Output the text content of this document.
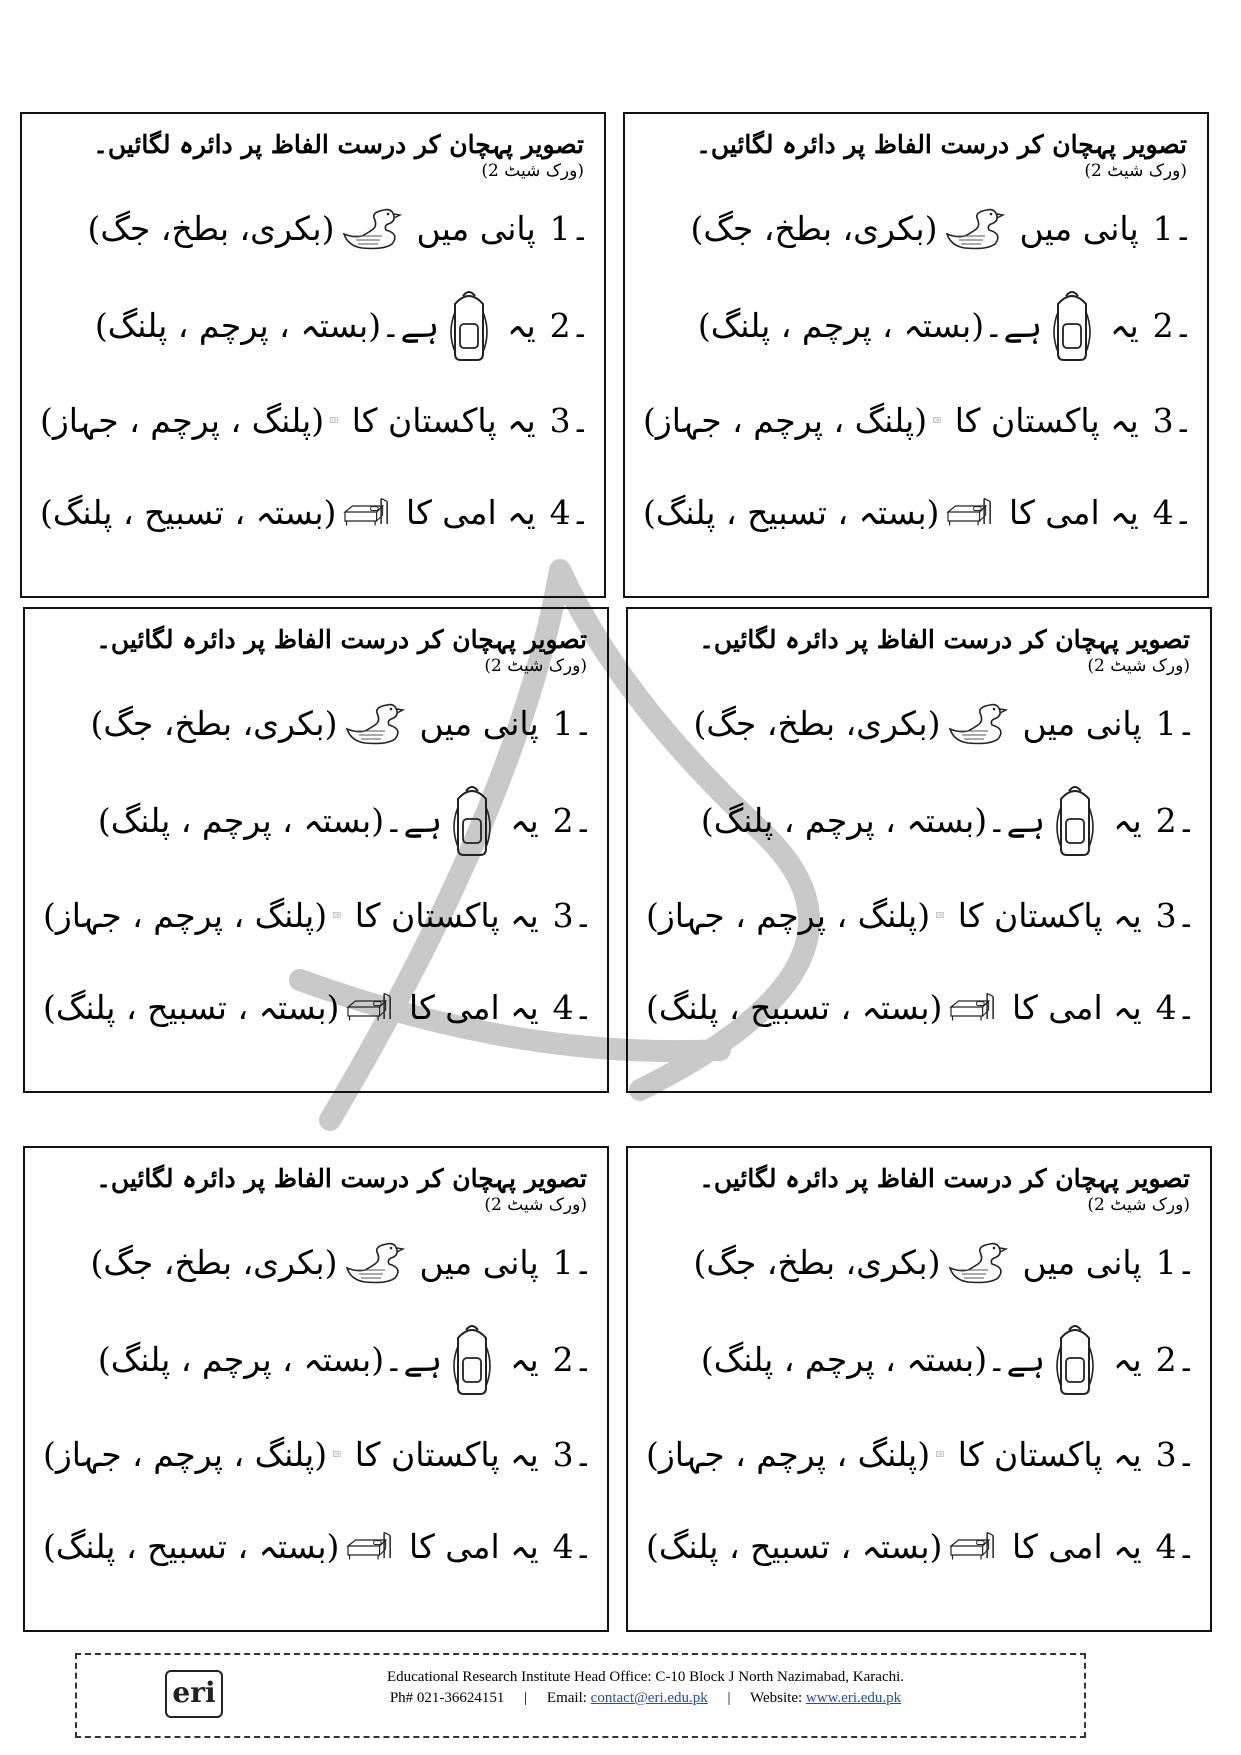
تصویر پہچان کر درست الفاظ پر دائرہ لگائیں۔
(ورک شیٹ 2)
1۔
پانی میں
(بکری، بطخ، جگ)
2۔
یہ
ہے۔(بستہ ، پرچم ، پلنگ)
3۔
یہ پاکستان کا
(پلنگ ، پرچم ، جہاز)
4۔
یہ امی کا
(بستہ ، تسبیح ، پلنگ)
تصویر پہچان کر درست الفاظ پر دائرہ لگائیں۔
(ورک شیٹ 2)
1۔
پانی میں
(بکری، بطخ، جگ)
2۔
یہ
ہے۔(بستہ ، پرچم ، پلنگ)
3۔
یہ پاکستان کا
(پلنگ ، پرچم ، جہاز)
4۔
یہ امی کا
(بستہ ، تسبیح ، پلنگ)
تصویر پہچان کر درست الفاظ پر دائرہ لگائیں۔
(ورک شیٹ 2)
1۔
پانی میں
(بکری، بطخ، جگ)
2۔
یہ
ہے۔(بستہ ، پرچم ، پلنگ)
3۔
یہ پاکستان کا
(پلنگ ، پرچم ، جہاز)
4۔
یہ امی کا
(بستہ ، تسبیح ، پلنگ)
تصویر پہچان کر درست الفاظ پر دائرہ لگائیں۔
(ورک شیٹ 2)
1۔
پانی میں
(بکری، بطخ، جگ)
2۔
یہ
ہے۔(بستہ ، پرچم ، پلنگ)
3۔
یہ پاکستان کا
(پلنگ ، پرچم ، جہاز)
4۔
یہ امی کا
(بستہ ، تسبیح ، پلنگ)
تصویر پہچان کر درست الفاظ پر دائرہ لگائیں۔
(ورک شیٹ 2)
1۔
پانی میں
(بکری، بطخ، جگ)
2۔
یہ
ہے۔(بستہ ، پرچم ، پلنگ)
3۔
یہ پاکستان کا
(پلنگ ، پرچم ، جہاز)
4۔
یہ امی کا
(بستہ ، تسبیح ، پلنگ)
تصویر پہچان کر درست الفاظ پر دائرہ لگائیں۔
(ورک شیٹ 2)
1۔
پانی میں
(بکری، بطخ، جگ)
2۔
یہ
ہے۔(بستہ ، پرچم ، پلنگ)
3۔
یہ پاکستان کا
(پلنگ ، پرچم ، جہاز)
4۔
یہ امی کا
(بستہ ، تسبیح ، پلنگ)
eri	Educational Research Institute Head Office: C-10 Block J North Nazimabad, Karachi.
Ph# 021-36624151 | Email: contact@eri.edu.pk | Website: www.eri.edu.pk
